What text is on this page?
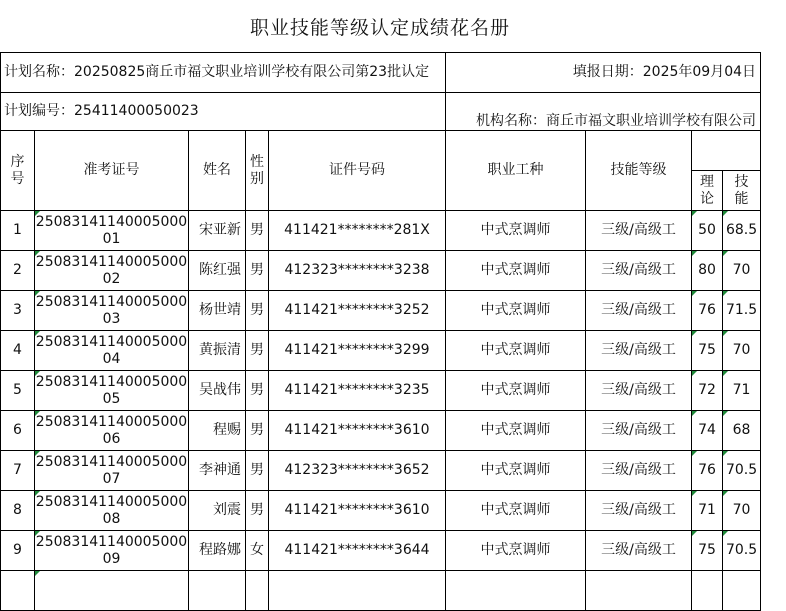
职业技能等级认定成绩花名册
计划名称：20250825商丘市福文职业培训学校有限公司第23批认定					填报日期：2025年09月04日			
计划编号：25411400050023					机构名称：商丘市福文职业培训学校有限公司			

序号	准考证号	姓名	性别	证件号码	职业工种	技能等级		

							理论	技能

1	2508314114000500001	宋亚新	男	411421********281X	中式烹调师	三级/高级工	50	68.5
2	2508314114000500002	陈红强	男	412323********3238	中式烹调师	三级/高级工	80	70
3	2508314114000500003	杨世靖	男	411421********3252	中式烹调师	三级/高级工	76	71.5
4	2508314114000500004	黄振清	男	411421********3299	中式烹调师	三级/高级工	75	70
5	2508314114000500005	吴战伟	男	411421********3235	中式烹调师	三级/高级工	72	71
6	2508314114000500006	程赐	男	411421********3610	中式烹调师	三级/高级工	74	68
7	2508314114000500007	李神通	男	412323********3652	中式烹调师	三级/高级工	76	70.5
8	2508314114000500008	刘震	男	411421********3610	中式烹调师	三级/高级工	71	70
9	2508314114000500009	程路娜	女	411421********3644	中式烹调师	三级/高级工	75	70.5
